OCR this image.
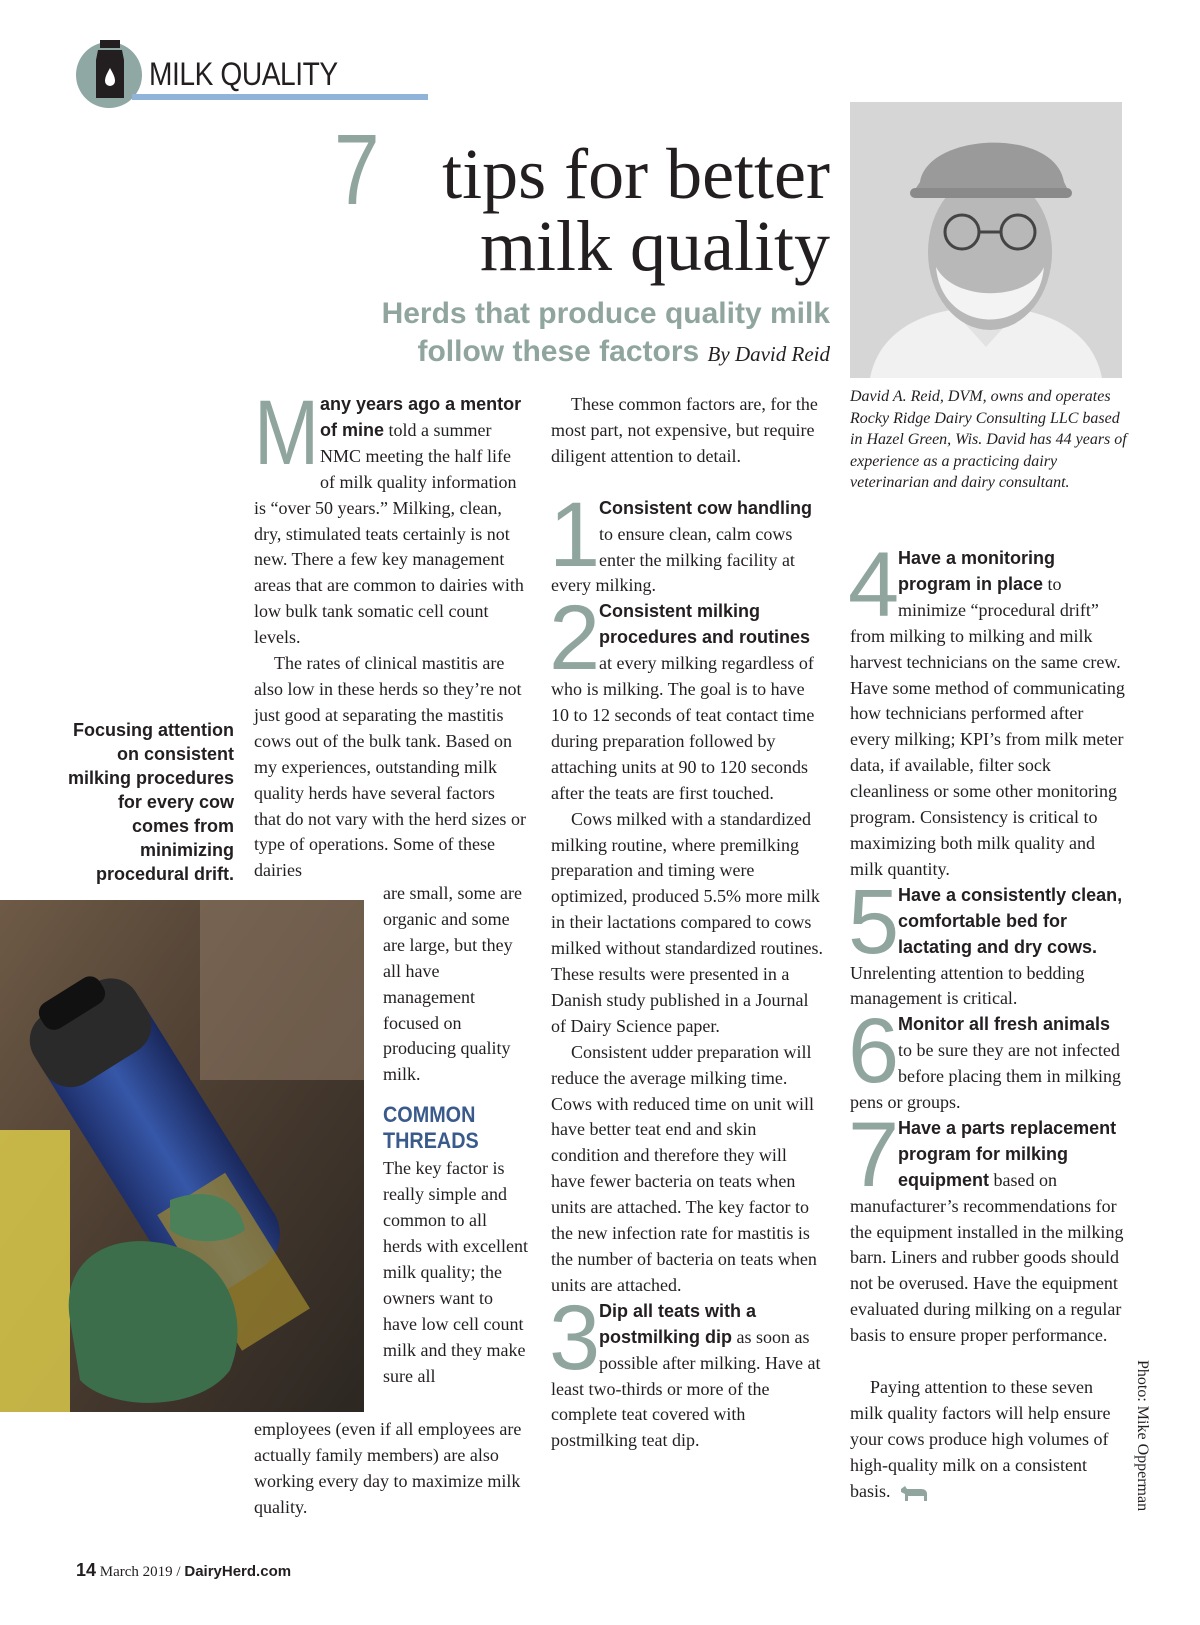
MILK QUALITY
7 tips for better
milk quality
Herds that produce quality milk
follow these factors By David Reid
David A. Reid, DVM, owns and operates Rocky Ridge Dairy Consulting LLC based in Hazel Green, Wis. David has 44 years of experience as a practicing dairy veterinarian and dairy consultant.
Focusing attention on consistent milking procedures for every cow comes from minimizing procedural drift.

Many years ago a mentor of mine told a summer NMC meeting the half life of milk quality information is “over 50 years.” Milking, clean, dry, stimulated teats certainly is not new. There a few key management areas that are common to dairies with low bulk tank somatic cell count levels.

The rates of clinical mastitis are also low in these herds so they’re not just good at separating the mastitis cows out of the bulk tank. Based on my experiences, outstanding milk quality herds have several factors that do not vary with the herd sizes or type of operations. Some of these dairies

are small, some are organic and some are large, but they all have management focused on producing quality milk.

COMMON THREADS

The key factor is really simple and common to all herds with excellent milk quality; the owners want to have low cell count milk and they make sure all

employees (even if all employees are actually family members) are also working every day to maximize milk quality.

These common factors are, for the most part, not expensive, but require diligent attention to detail.

1
Consistent cow handling to ensure clean, calm cows enter the milking facility at every milking.

2
Consistent milking procedures and routines at every milking regardless of who is milking. The goal is to have 10 to 12 seconds of teat contact time during preparation followed by attaching units at 90 to 120 seconds after the teats are first touched.

Cows milked with a standardized milking routine, where premilking preparation and timing were optimized, produced 5.5% more milk in their lactations compared to cows milked without standardized routines. These results were presented in a Danish study published in a Journal of Dairy Science paper.

Consistent udder preparation will reduce the average milking time. Cows with reduced time on unit will have better teat end and skin condition and therefore they will have fewer bacteria on teats when units are attached. The key factor to the new infection rate for mastitis is the number of bacteria on teats when units are attached.

3
Dip all teats with a postmilking dip as soon as possible after milking. Have at least two-thirds or more of the complete teat covered with postmilking teat dip.

4
Have a monitoring program in place to minimize “procedural drift” from milking to milking and milk harvest technicians on the same crew. Have some method of communicating how technicians performed after every milking; KPI’s from milk meter data, if available, filter sock cleanliness or some other monitoring program. Consistency is critical to maximizing both milk quality and milk quantity.

5
Have a consistently clean, comfortable bed for lactating and dry cows. Unrelenting attention to bedding management is critical.

6
Monitor all fresh animals to be sure they are not infected before placing them in milking pens or groups.

7
Have a parts replacement program for milking equipment based on manufacturer’s recommendations for the equipment installed in the milking barn. Liners and rubber goods should not be overused. Have the equipment evaluated during milking on a regular basis to ensure proper performance.

Paying attention to these seven milk quality factors will help ensure your cows produce high volumes of high-quality milk on a consistent basis.	Photo: Mike Opperman
14 March 2019 / DairyHerd.com
